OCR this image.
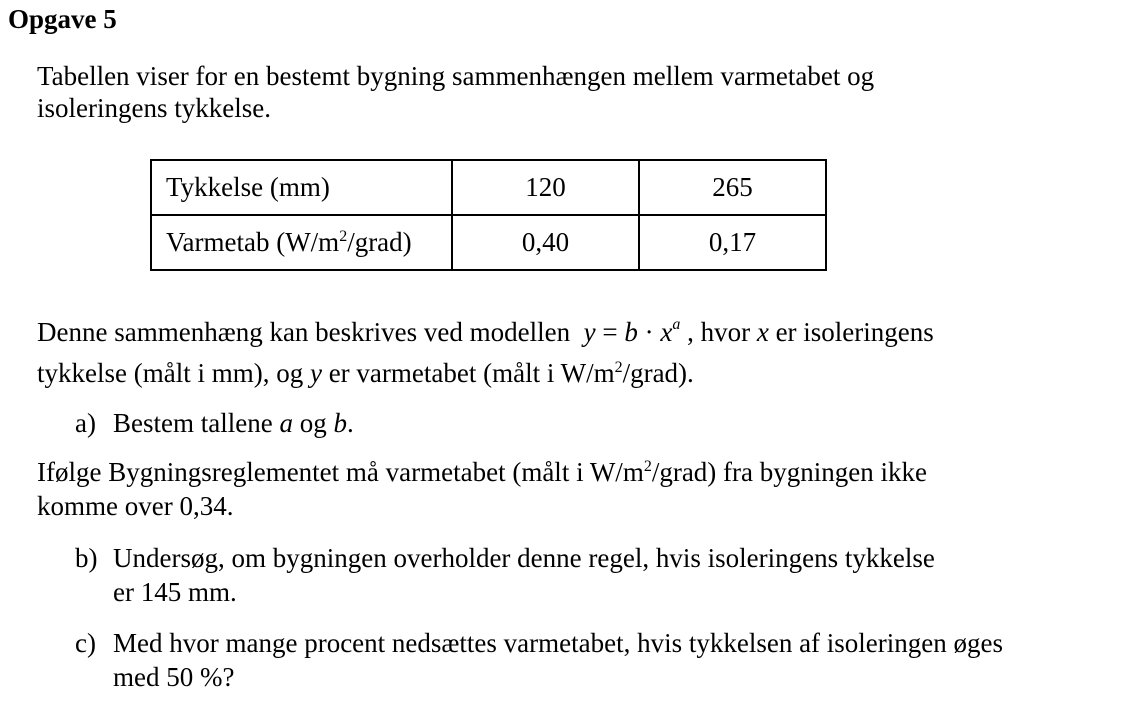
Opgave 5
Tabellen viser for en bestemt bygning sammenhængen mellem varmetabet og
isoleringens tykkelse.
Tykkelse (mm)	120	265
Varmetab $(W/m^2/grad)$	0,40	0,17
Denne sammenhæng kan beskrives ved modellen $y = b \cdot x^a$ , hvor x er isoleringens
tykkelse (målt i mm), og y er varmetabet (målt i $W/m^2/grad$).
a) Bestem tallene a og b.
Ifølge Bygningsreglementet må varmetabet (målt i $W/m^2/grad$) fra bygningen ikke
komme over 0,34.
b) Undersøg, om bygningen overholder denne regel, hvis isoleringens tykkelse
er 145 mm.
c) Med hvor mange procent nedsættes varmetabet, hvis tykkelsen af isoleringen øges
med 50 %?
